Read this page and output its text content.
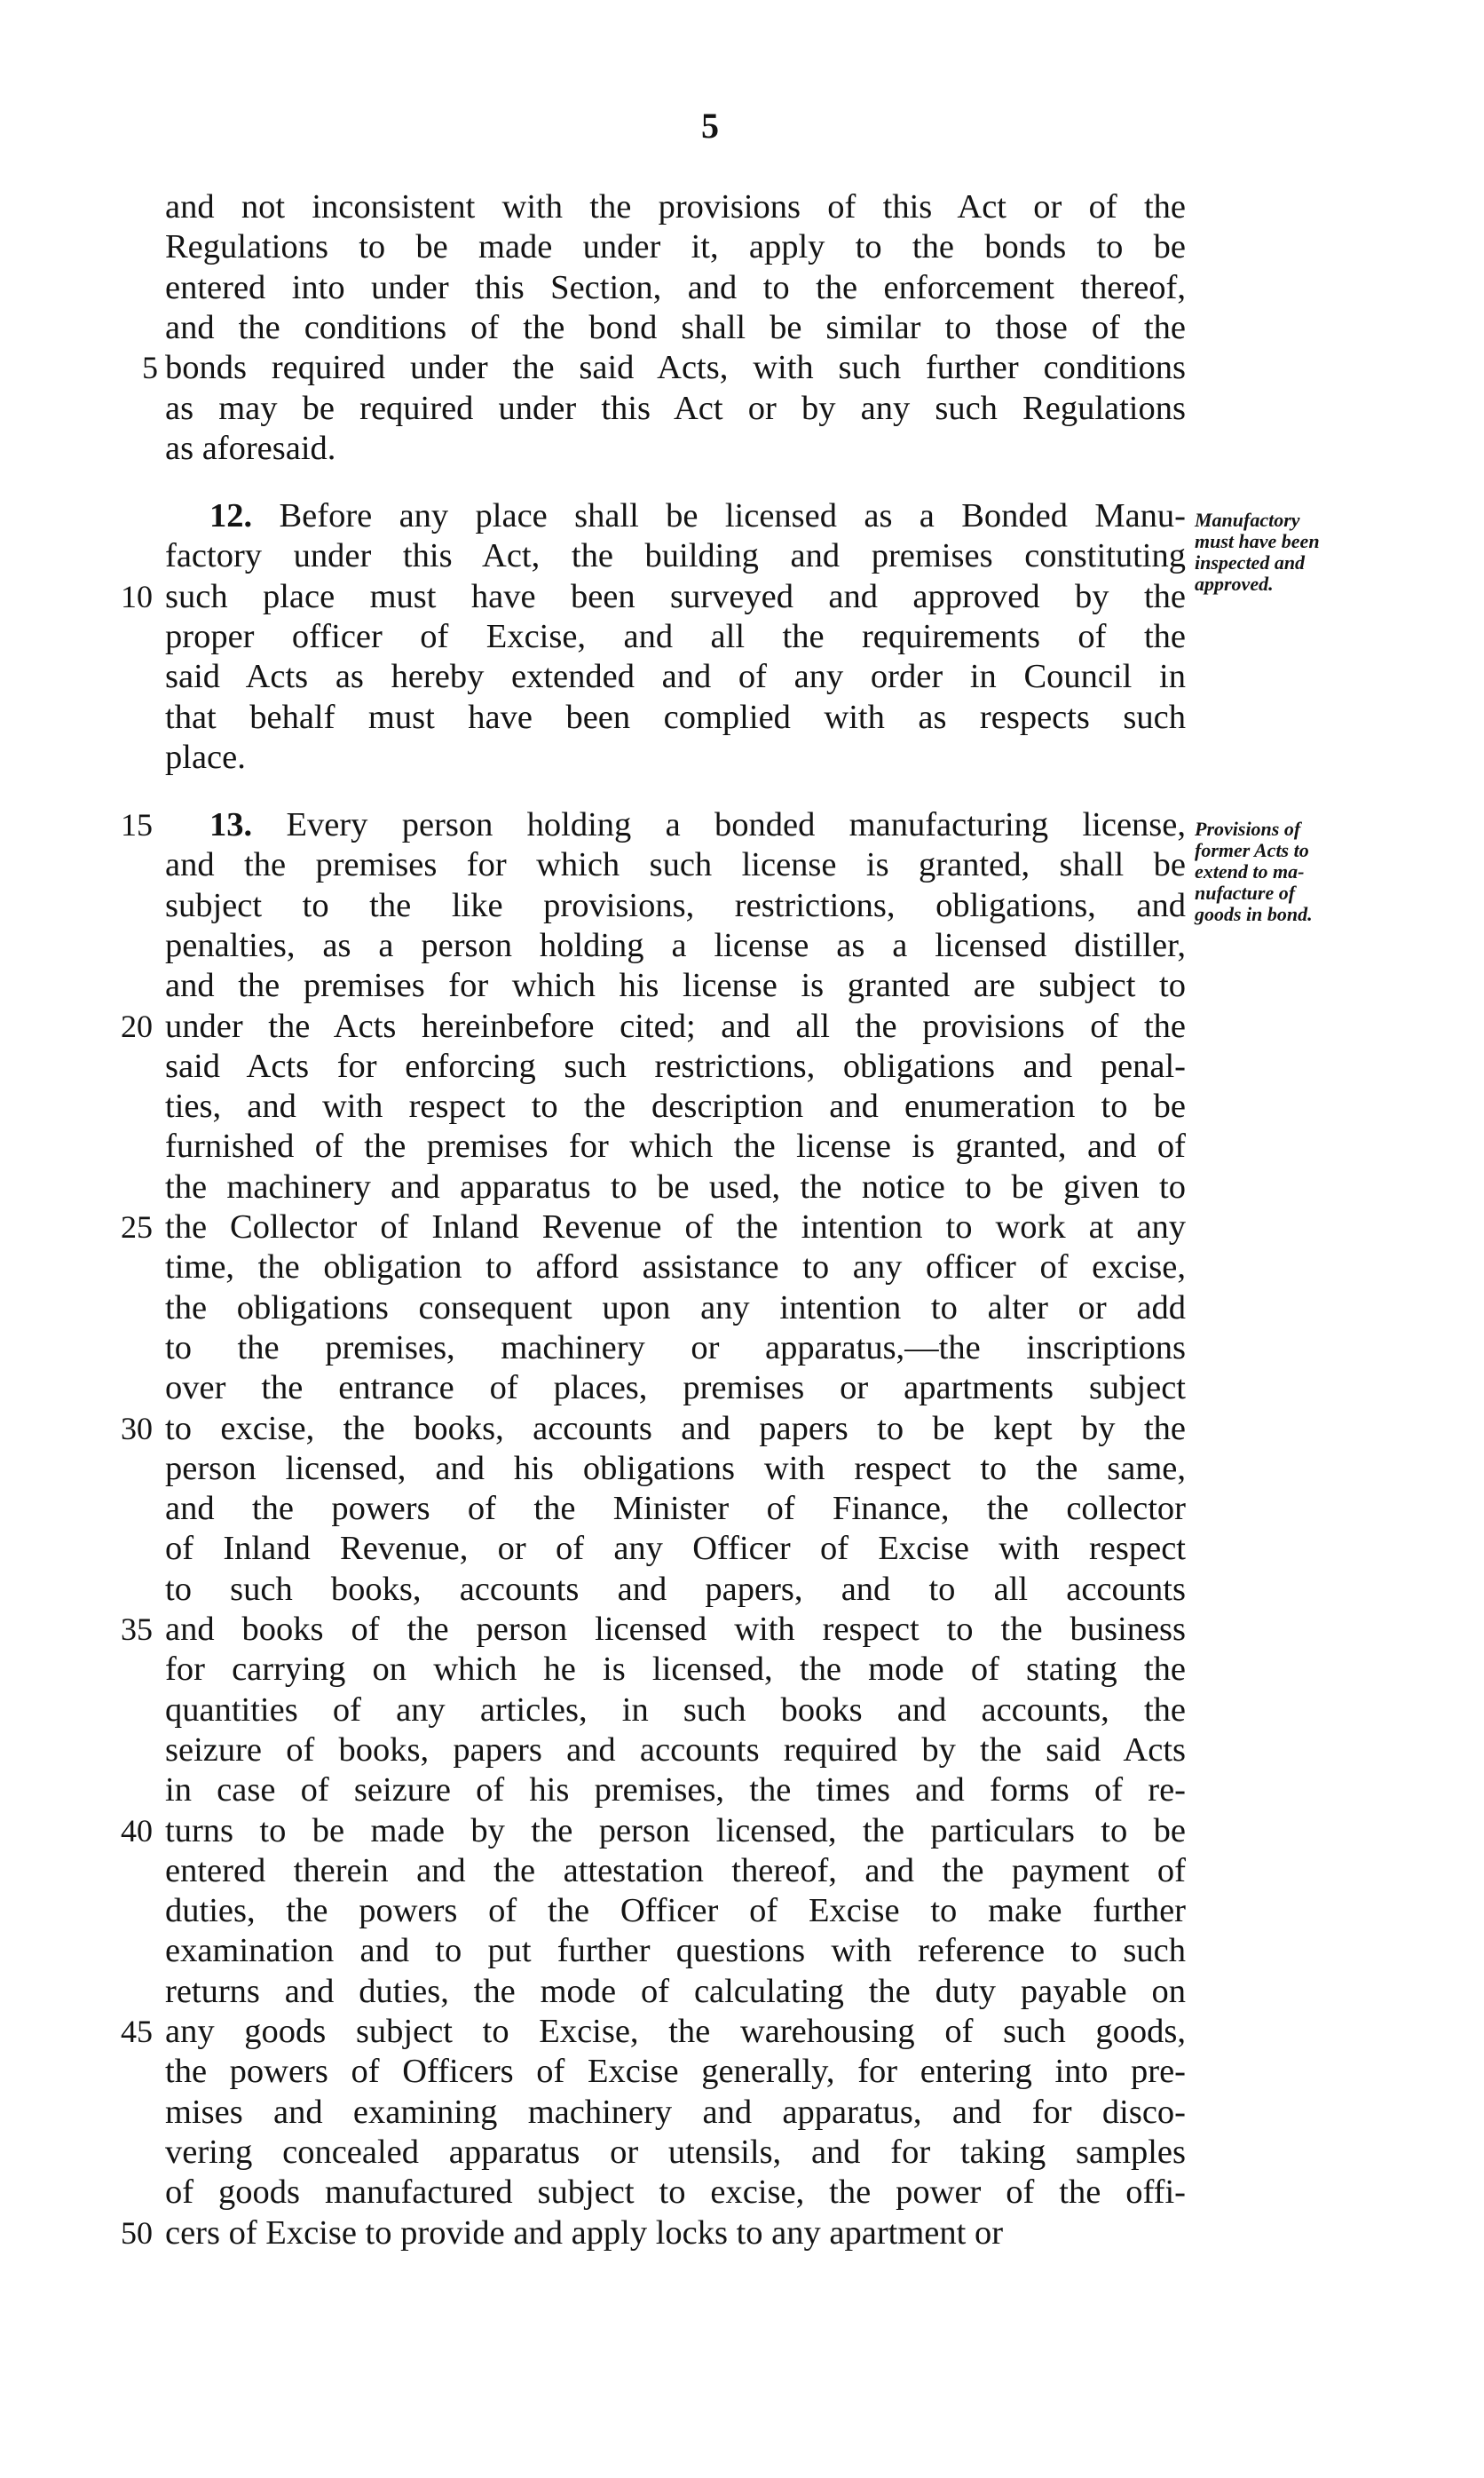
5
and not inconsistent with the provisions of this Act or of the
Regulations to be made under it, apply to the bonds to be
entered into under this Section, and to the enforcement thereof,
and the conditions of the bond shall be similar to those of the
bonds required under the said Acts, with such further conditions
as may be required under this Act or by any such Regulations
as aforesaid.
12. Before any place shall be licensed as a Bonded Manu-
factory under this Act, the building and premises constituting
such place must have been surveyed and approved by the
proper officer of Excise, and all the requirements of the
said Acts as hereby extended and of any order in Council in
that behalf must have been complied with as respects such
place.
Manufactory
must have been
inspected and
approved.
13. Every person holding a bonded manufacturing license,
and the premises for which such license is granted, shall be
subject to the like provisions, restrictions, obligations, and
penalties, as a person holding a license as a licensed distiller,
and the premises for which his license is granted are subject to
under the Acts hereinbefore cited; and all the provisions of the
said Acts for enforcing such restrictions, obligations and penal-
ties, and with respect to the description and enumeration to be
furnished of the premises for which the license is granted, and of
the machinery and apparatus to be used, the notice to be given to
the Collector of Inland Revenue of the intention to work at any
time, the obligation to afford assistance to any officer of excise,
the obligations consequent upon any intention to alter or add
to the premises, machinery or apparatus,—the inscriptions
over the entrance of places, premises or apartments subject
to excise, the books, accounts and papers to be kept by the
person licensed, and his obligations with respect to the same,
and the powers of the Minister of Finance, the collector
of Inland Revenue, or of any Officer of Excise with respect
to such books, accounts and papers, and to all accounts
and books of the person licensed with respect to the business
for carrying on which he is licensed, the mode of stating the
quantities of any articles, in such books and accounts, the
seizure of books, papers and accounts required by the said Acts
in case of seizure of his premises, the times and forms of re-
turns to be made by the person licensed, the particulars to be
entered therein and the attestation thereof, and the payment of
duties, the powers of the Officer of Excise to make further
examination and to put further questions with reference to such
returns and duties, the mode of calculating the duty payable on
any goods subject to Excise, the warehousing of such goods,
the powers of Officers of Excise generally, for entering into pre-
mises and examining machinery and apparatus, and for disco-
vering concealed apparatus or utensils, and for taking samples
of goods manufactured subject to excise, the power of the offi-
cers of Excise to provide and apply locks to any apartment or
Provisions of
former Acts to
extend to ma-
nufacture of
goods in bond.
5
10
15
20
25
30
35
40
45
50
